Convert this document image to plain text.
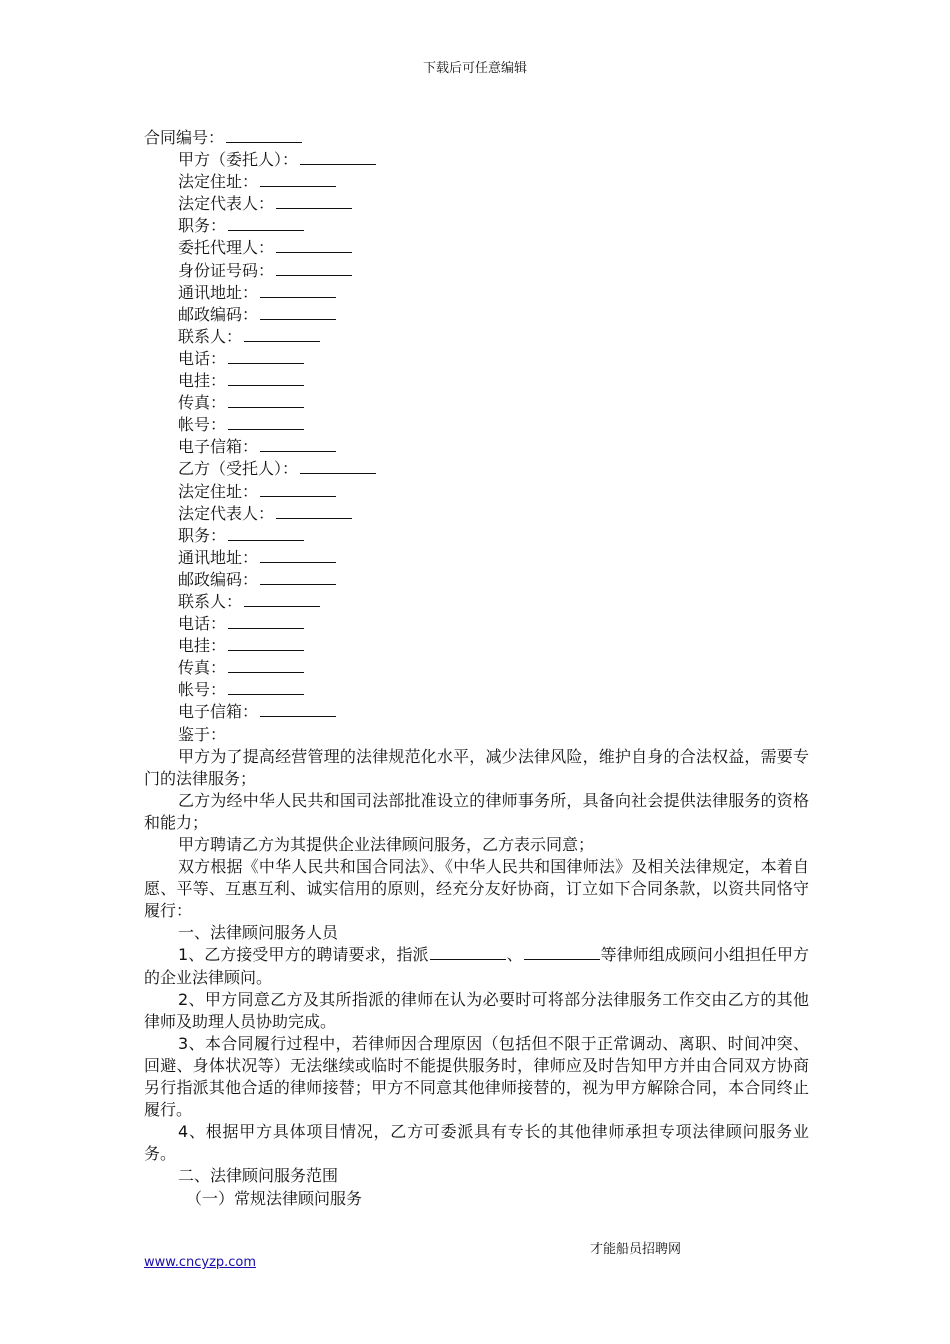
下载后可任意编辑
合同编号：
甲方（委托人）：
法定住址：
法定代表人：
职务：
委托代理人：
身份证号码：
通讯地址：
邮政编码：
联系人：
电话：
电挂：
传真：
帐号：
电子信箱：
乙方（受托人）：
法定住址：
法定代表人：
职务：
通讯地址：
邮政编码：
联系人：
电话：
电挂：
传真：
帐号：
电子信箱：
鉴于：
甲方为了提高经营管理的法律规范化水平，减少法律风险，维护自身的合法权益，需要专门的法律服务；
乙方为经中华人民共和国司法部批准设立的律师事务所，具备向社会提供法律服务的资格和能力；
甲方聘请乙方为其提供企业法律顾问服务，乙方表示同意；
双方根据《中华人民共和国合同法》、《中华人民共和国律师法》及相关法律规定，本着自愿、平等、互惠互利、诚实信用的原则，经充分友好协商，订立如下合同条款，以资共同恪守履行：
一、法律顾问服务人员
1、乙方接受甲方的聘请要求，指派	、	等律师组成顾问小组担任甲方的企业法律顾问。
2、甲方同意乙方及其所指派的律师在认为必要时可将部分法律服务工作交由乙方的其他律师及助理人员协助完成。
3、本合同履行过程中，若律师因合理原因（包括但不限于正常调动、离职、时间冲突、回避、身体状况等）无法继续或临时不能提供服务时，律师应及时告知甲方并由合同双方协商另行指派其他合适的律师接替；甲方不同意其他律师接替的，视为甲方解除合同，本合同终止履行。
4、根据甲方具体项目情况，乙方可委派具有专长的其他律师承担专项法律顾问服务业务。
二、法律顾问服务范围
（一）常规法律顾问服务
才能船员招聘网
www.cncyzp.com
